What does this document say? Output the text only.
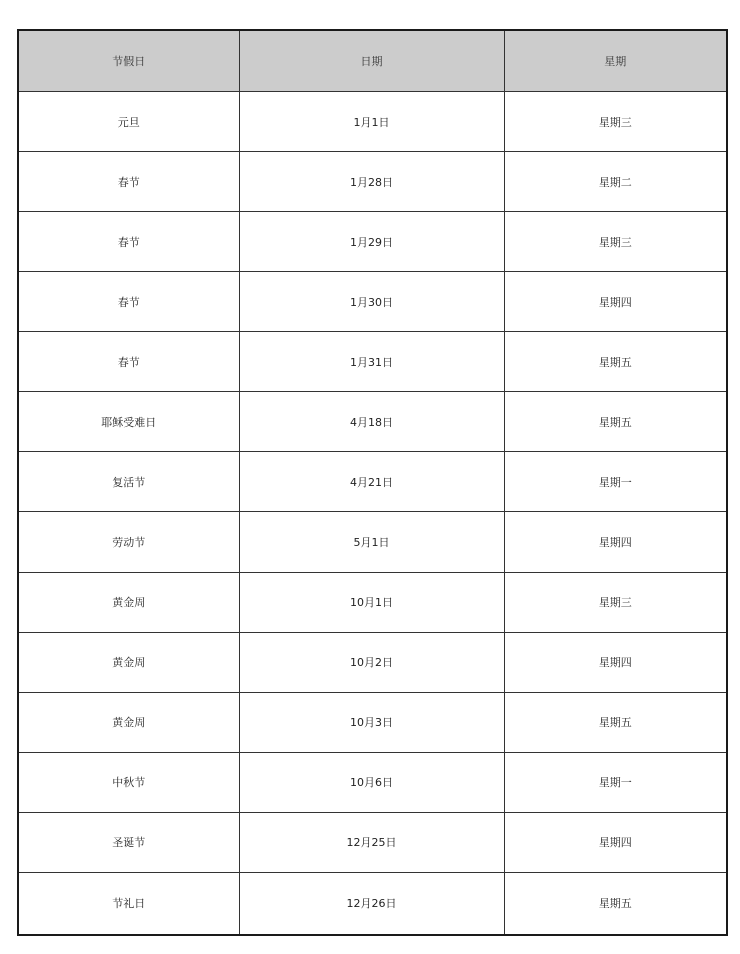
节假日	日期	星期
元旦	1月1日	星期三
春节	1月28日	星期二
春节	1月29日	星期三
春节	1月30日	星期四
春节	1月31日	星期五
耶稣受难日	4月18日	星期五
复活节	4月21日	星期一
劳动节	5月1日	星期四
黄金周	10月1日	星期三
黄金周	10月2日	星期四
黄金周	10月3日	星期五
中秋节	10月6日	星期一
圣诞节	12月25日	星期四
节礼日	12月26日	星期五
